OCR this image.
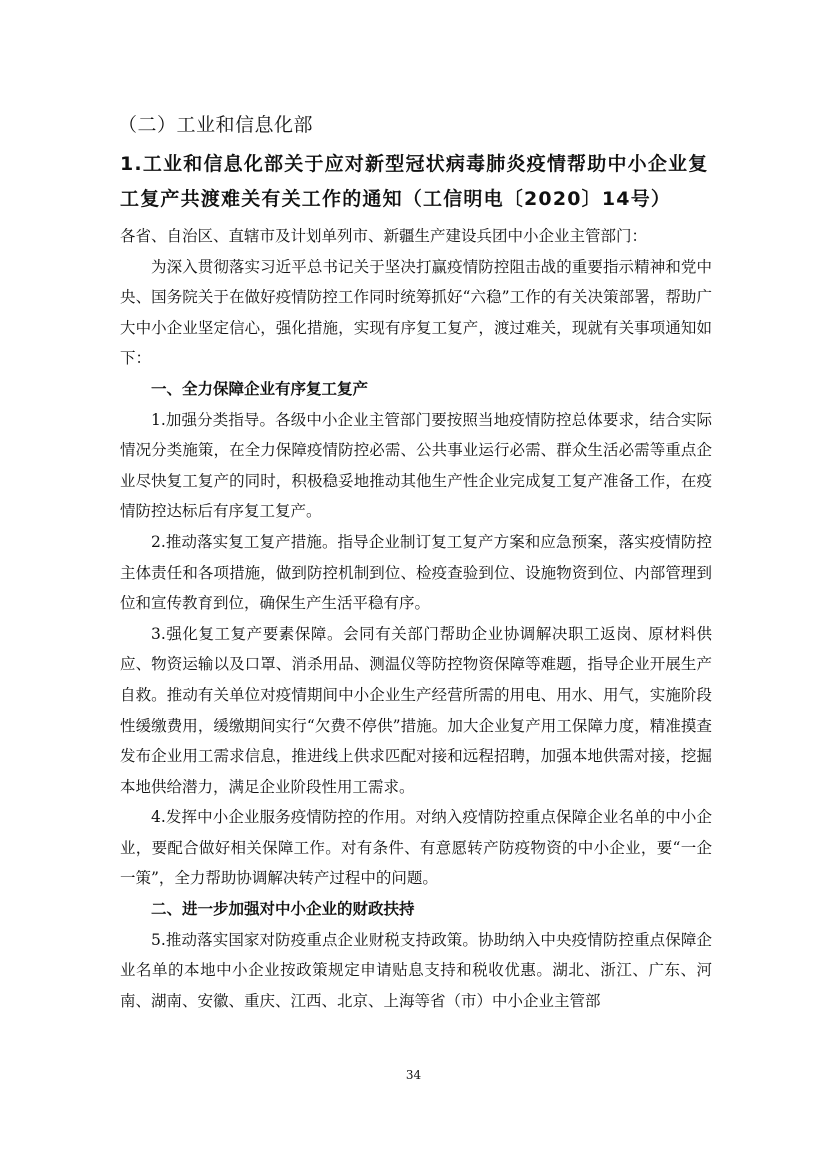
（二）工业和信息化部
1.工业和信息化部关于应对新型冠状病毒肺炎疫情帮助中小企业复工复产共渡难关有关工作的通知（工信明电〔2020〕14号）

各省、自治区、直辖市及计划单列市、新疆生产建设兵团中小企业主管部门：

为深入贯彻落实习近平总书记关于坚决打赢疫情防控阻击战的重要指示精神和党中央、国务院关于在做好疫情防控工作同时统筹抓好“六稳”工作的有关决策部署，帮助广大中小企业坚定信心，强化措施，实现有序复工复产，渡过难关，现就有关事项通知如下：

一、全力保障企业有序复工复产

1.加强分类指导。各级中小企业主管部门要按照当地疫情防控总体要求，结合实际情况分类施策，在全力保障疫情防控必需、公共事业运行必需、群众生活必需等重点企业尽快复工复产的同时，积极稳妥地推动其他生产性企业完成复工复产准备工作，在疫情防控达标后有序复工复产。

2.推动落实复工复产措施。指导企业制订复工复产方案和应急预案，落实疫情防控主体责任和各项措施，做到防控机制到位、检疫查验到位、设施物资到位、内部管理到位和宣传教育到位，确保生产生活平稳有序。

3.强化复工复产要素保障。会同有关部门帮助企业协调解决职工返岗、原材料供应、物资运输以及口罩、消杀用品、测温仪等防控物资保障等难题，指导企业开展生产自救。推动有关单位对疫情期间中小企业生产经营所需的用电、用水、用气，实施阶段性缓缴费用，缓缴期间实行“欠费不停供”措施。加大企业复产用工保障力度，精准摸查发布企业用工需求信息，推进线上供求匹配对接和远程招聘，加强本地供需对接，挖掘本地供给潜力，满足企业阶段性用工需求。

4.发挥中小企业服务疫情防控的作用。对纳入疫情防控重点保障企业名单的中小企业，要配合做好相关保障工作。对有条件、有意愿转产防疫物资的中小企业，要“一企一策”，全力帮助协调解决转产过程中的问题。

二、进一步加强对中小企业的财政扶持

5.推动落实国家对防疫重点企业财税支持政策。协助纳入中央疫情防控重点保障企业名单的本地中小企业按政策规定申请贴息支持和税收优惠。湖北、浙江、广东、河南、湖南、安徽、重庆、江西、北京、上海等省（市）中小企业主管部

34
